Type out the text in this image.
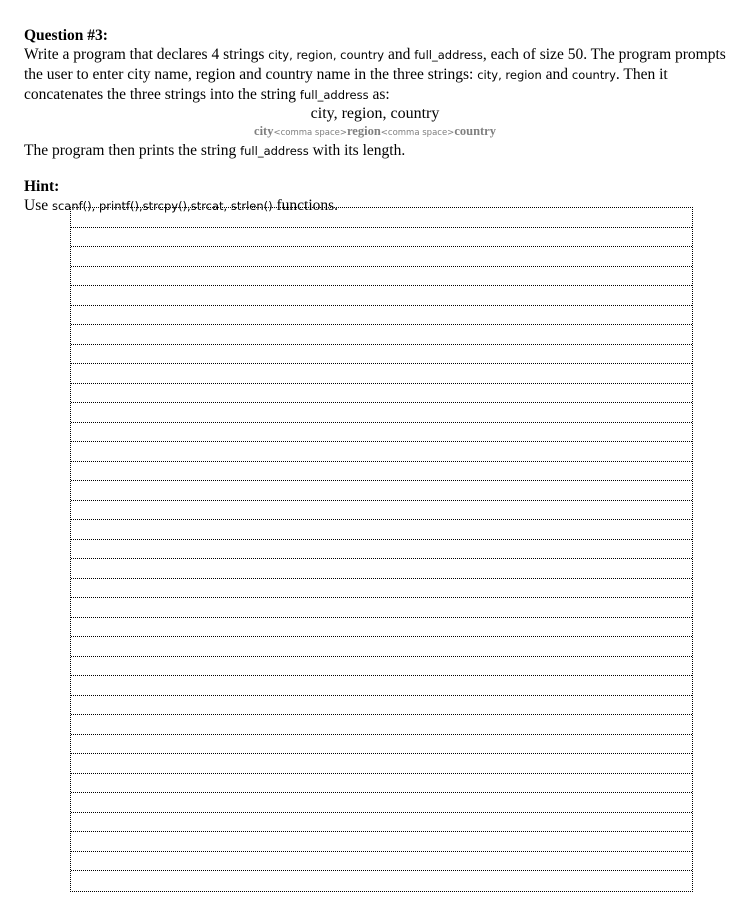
Question #3:

Write a program that declares 4 strings city, region, country and full_address, each of size 50. The program prompts the user to enter city name, region and country name in the three strings: city, region and country. Then it concatenates the three strings into the string full_address as:

city, region, country

city<comma space>region<comma space>country

The program then prints the string full_address with its length.

Hint:

Use scanf(), printf(),strcpy(),strcat, strlen() functions.
